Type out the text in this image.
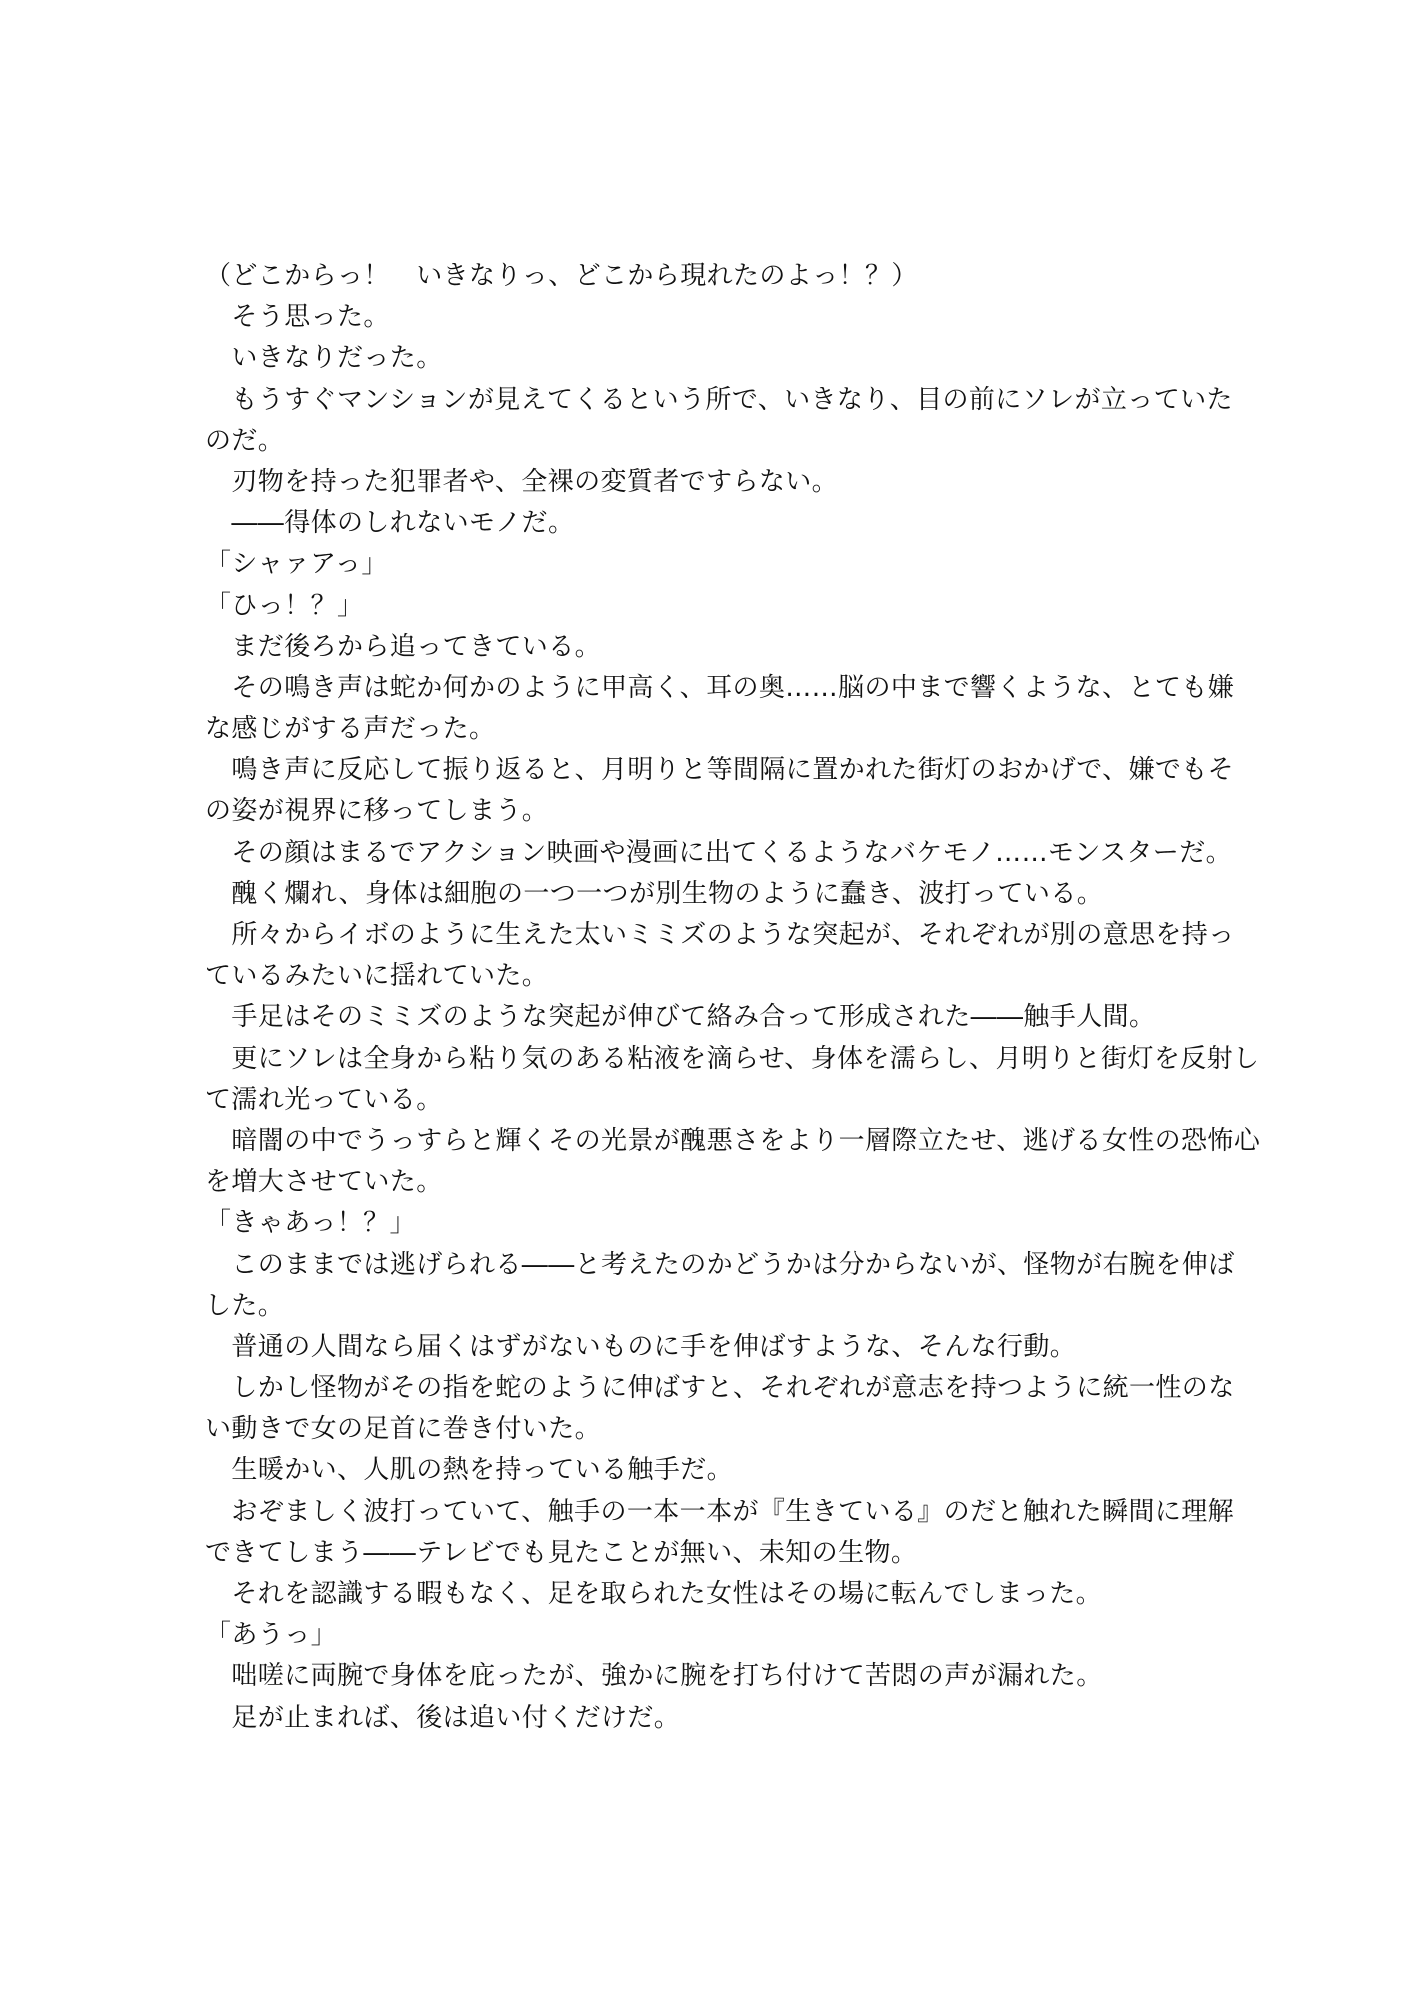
（どこからっ！　いきなりっ、どこから現れたのよっ！？）
　そう思った。
　いきなりだった。
　もうすぐマンションが見えてくるという所で、いきなり、目の前にソレが立っていた
のだ。
　刃物を持った犯罪者や、全裸の変質者ですらない。
　――得体のしれないモノだ。
「シャァアっ」
「ひっ！？」
　まだ後ろから追ってきている。
　その鳴き声は蛇か何かのように甲高く、耳の奥……脳の中まで響くような、とても嫌
な感じがする声だった。
　鳴き声に反応して振り返ると、月明りと等間隔に置かれた街灯のおかげで、嫌でもそ
の姿が視界に移ってしまう。
　その顔はまるでアクション映画や漫画に出てくるようなバケモノ……モンスターだ。
　醜く爛れ、身体は細胞の一つ一つが別生物のように蠢き、波打っている。
　所々からイボのように生えた太いミミズのような突起が、それぞれが別の意思を持っ
ているみたいに揺れていた。
　手足はそのミミズのような突起が伸びて絡み合って形成された――触手人間。
　更にソレは全身から粘り気のある粘液を滴らせ、身体を濡らし、月明りと街灯を反射し
て濡れ光っている。
　暗闇の中でうっすらと輝くその光景が醜悪さをより一層際立たせ、逃げる女性の恐怖心
を増大させていた。
「きゃあっ！？」
　このままでは逃げられる――と考えたのかどうかは分からないが、怪物が右腕を伸ば
した。
　普通の人間なら届くはずがないものに手を伸ばすような、そんな行動。
　しかし怪物がその指を蛇のように伸ばすと、それぞれが意志を持つように統一性のな
い動きで女の足首に巻き付いた。
　生暖かい、人肌の熱を持っている触手だ。
　おぞましく波打っていて、触手の一本一本が『生きている』のだと触れた瞬間に理解
できてしまう――テレビでも見たことが無い、未知の生物。
　それを認識する暇もなく、足を取られた女性はその場に転んでしまった。
「あうっ」
　咄嗟に両腕で身体を庇ったが、強かに腕を打ち付けて苦悶の声が漏れた。
　足が止まれば、後は追い付くだけだ。
